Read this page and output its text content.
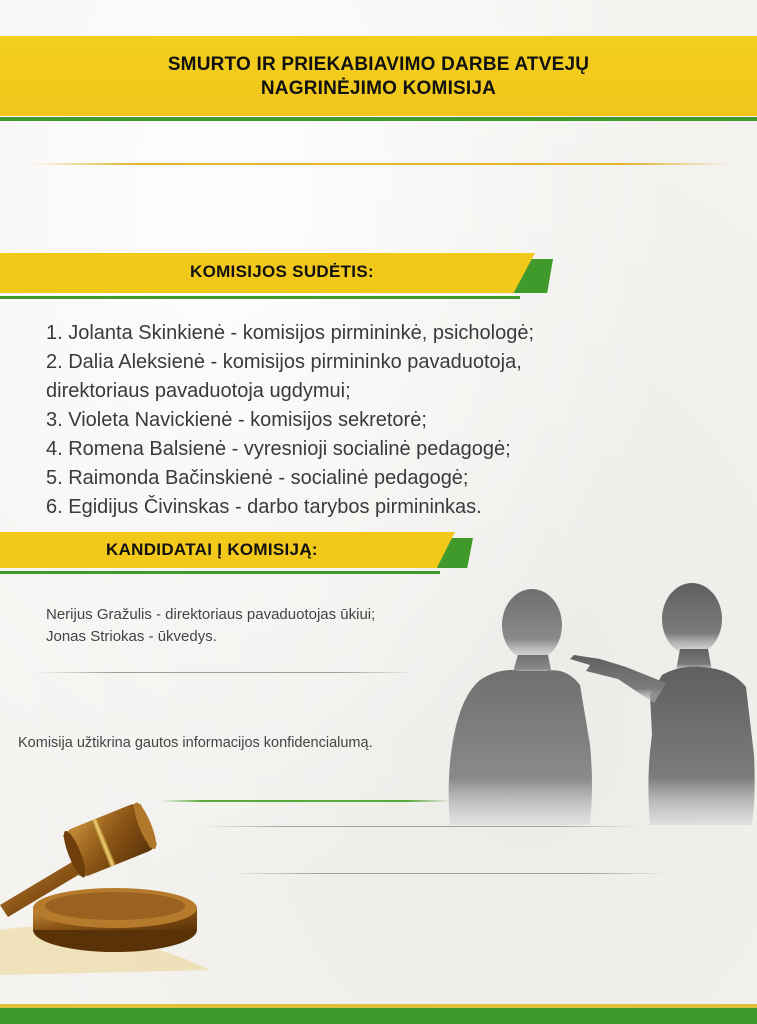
SMURTO IR PRIEKABIAVIMO DARBE ATVEJŲ
NAGRINĖJIMO KOMISIJA
KOMISIJOS SUDĖTIS:
1. Jolanta Skinkienė - komisijos pirmininkė, psichologė;
2. Dalia Aleksienė - komisijos pirmininko pavaduotoja,
direktoriaus pavaduotoja ugdymui;
3. Violeta Navickienė - komisijos sekretorė;
4. Romena Balsienė - vyresnioji socialinė pedagogė;
5. Raimonda Bačinskienė - socialinė pedagogė;
6. Egidijus Čivinskas - darbo tarybos pirmininkas.
KANDIDATAI Į KOMISIJĄ:
Nerijus Gražulis - direktoriaus pavaduotojas ūkiui;
Jonas Striokas - ūkvedys.
Komisija užtikrina gautos informacijos konfidencialumą.
